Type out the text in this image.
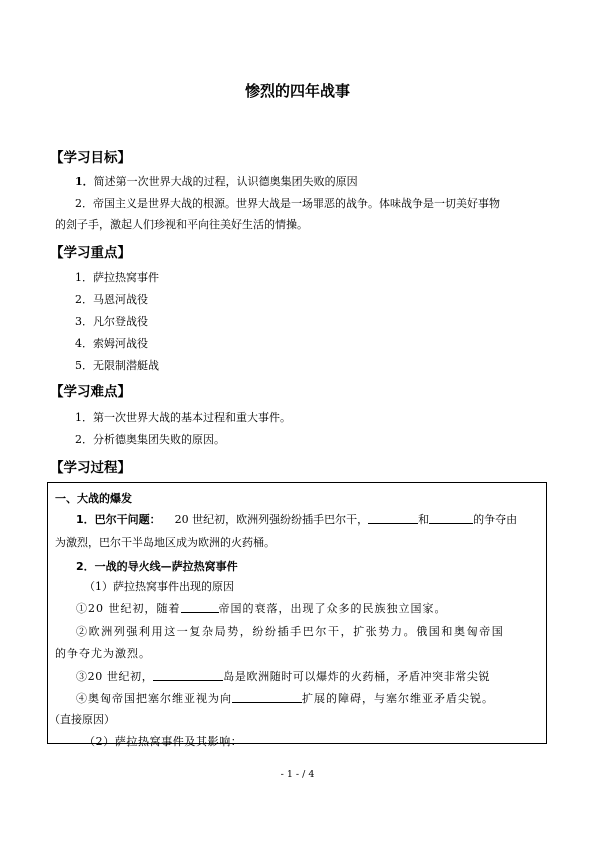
惨烈的四年战事
【学习目标】
1．简述第一次世界大战的过程，认识德奥集团失败的原因
2．帝国主义是世界大战的根源。世界大战是一场罪恶的战争。体味战争是一切美好事物
的刽子手，激起人们珍视和平向往美好生活的情操。
【学习重点】
1．萨拉热窝事件
2．马恩河战役
3．凡尔登战役
4．索姆河战役
5．无限制潜艇战
【学习难点】
1．第一次世界大战的基本过程和重大事件。
2．分析德奥集团失败的原因。
【学习过程】
一、大战的爆发
1．巴尔干问题： 20 世纪初，欧洲列强纷纷插手巴尔干，	和	的争夺由
为激烈，巴尔干半岛地区成为欧洲的火药桶。
2．一战的导火线—萨拉热窝事件
（1）萨拉热窝事件出现的原因
①20 世纪初，随着	帝国的衰落，出现了众多的民族独立国家。
②欧洲列强利用这一复杂局势，纷纷插手巴尔干，扩张势力。俄国和奥匈帝国
的争夺尤为激烈。
③20 世纪初，	岛是欧洲随时可以爆炸的火药桶，矛盾冲突非常尖锐
④奥匈帝国把塞尔维亚视为向	扩展的障碍，与塞尔维亚矛盾尖锐。
（直接原因）
（2）萨拉热窝事件及其影响：
- 1 - / 4
